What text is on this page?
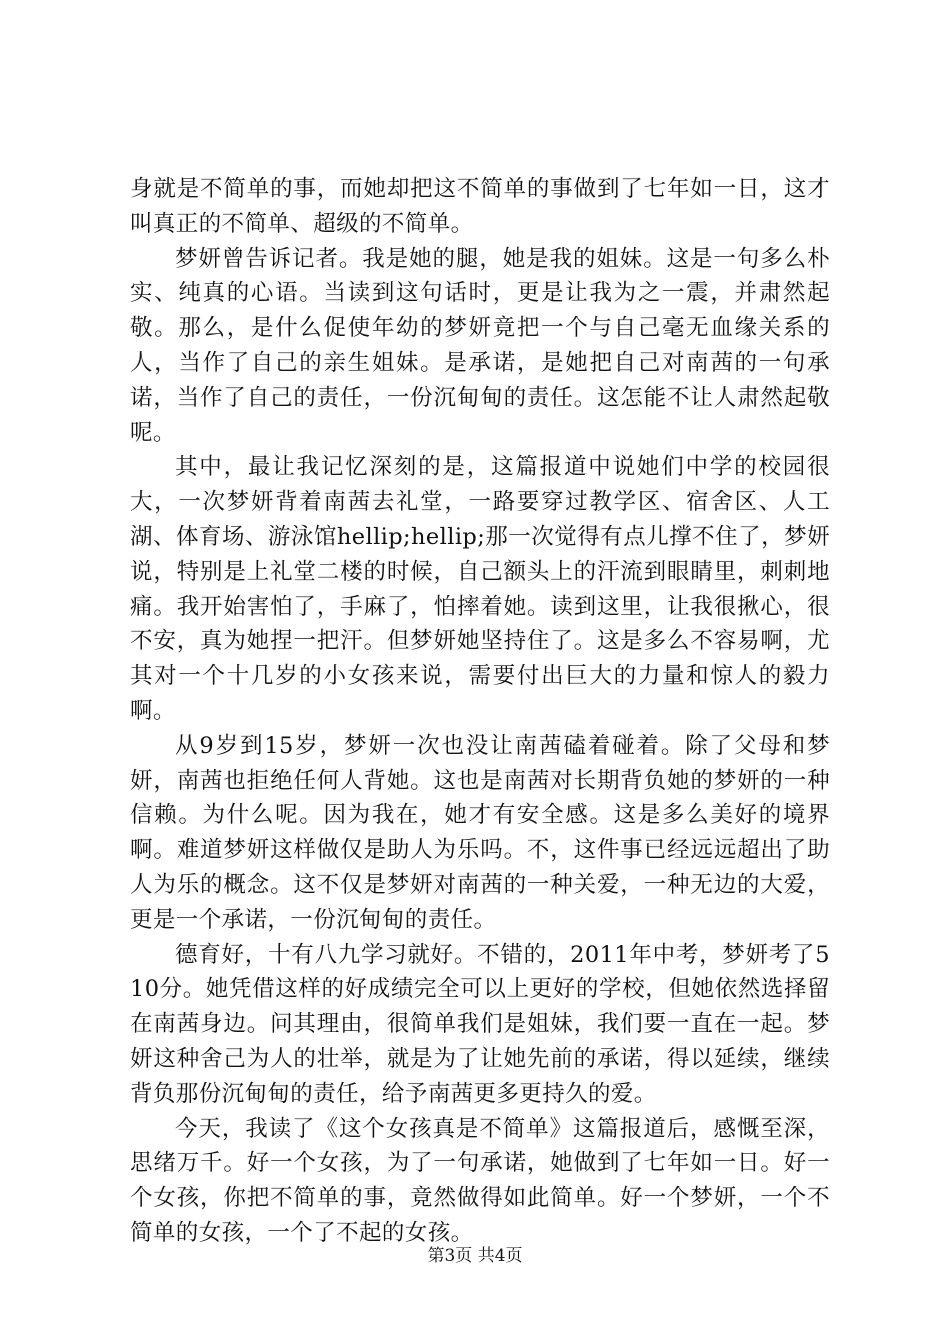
身就是不简单的事，而她却把这不简单的事做到了七年如一日，这才叫真正的不简单、超级的不简单。

梦妍曾告诉记者。我是她的腿，她是我的姐妹。这是一句多么朴实、纯真的心语。当读到这句话时，更是让我为之一震，并肃然起敬。那么，是什么促使年幼的梦妍竟把一个与自己毫无血缘关系的人，当作了自己的亲生姐妹。是承诺，是她把自己对南茜的一句承诺，当作了自己的责任，一份沉甸甸的责任。这怎能不让人肃然起敬呢。

其中，最让我记忆深刻的是，这篇报道中说她们中学的校园很大，一次梦妍背着南茜去礼堂，一路要穿过教学区、宿舍区、人工湖、体育场、游泳馆hellip;hellip;那一次觉得有点儿撑不住了，梦妍说，特别是上礼堂二楼的时候，自己额头上的汗流到眼睛里，刺刺地痛。我开始害怕了，手麻了，怕摔着她。读到这里，让我很揪心，很不安，真为她捏一把汗。但梦妍她坚持住了。这是多么不容易啊，尤其对一个十几岁的小女孩来说，需要付出巨大的力量和惊人的毅力啊。

从9岁到15岁，梦妍一次也没让南茜磕着碰着。除了父母和梦妍，南茜也拒绝任何人背她。这也是南茜对长期背负她的梦妍的一种信赖。为什么呢。因为我在，她才有安全感。这是多么美好的境界啊。难道梦妍这样做仅是助人为乐吗。不，这件事已经远远超出了助人为乐的概念。这不仅是梦妍对南茜的一种关爱，一种无边的大爱，更是一个承诺，一份沉甸甸的责任。

德育好，十有八九学习就好。不错的，2011年中考，梦妍考了510分。她凭借这样的好成绩完全可以上更好的学校，但她依然选择留在南茜身边。问其理由，很简单我们是姐妹，我们要一直在一起。梦妍这种舍己为人的壮举，就是为了让她先前的承诺，得以延续，继续背负那份沉甸甸的责任，给予南茜更多更持久的爱。

今天，我读了《这个女孩真是不简单》这篇报道后，感慨至深，思绪万千。好一个女孩，为了一句承诺，她做到了七年如一日。好一个女孩，你把不简单的事，竟然做得如此简单。好一个梦妍，一个不简单的女孩，一个了不起的女孩。

第3页 共4页
